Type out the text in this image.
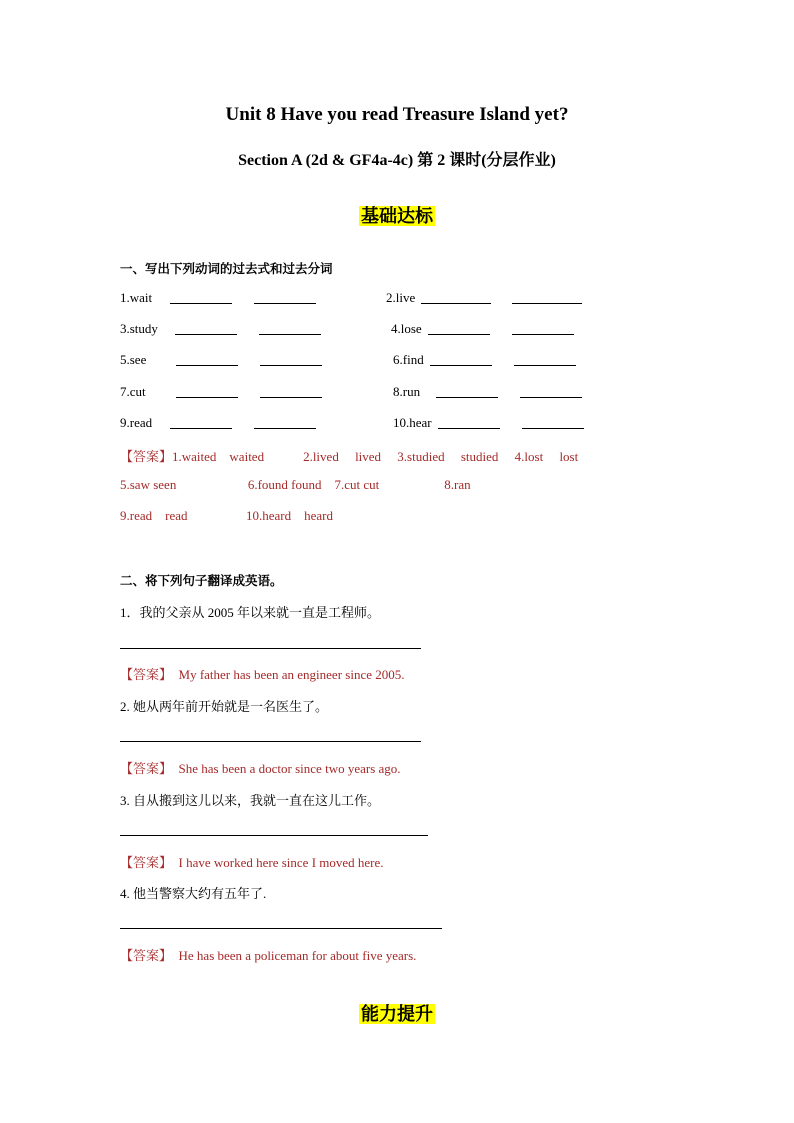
Unit 8 Have you read Treasure Island yet?
Section A (2d & GF4a-4c) 第 2 课时(分层作业)
基础达标
一、写出下列动词的过去式和过去分词
1.wait	2.live
3.study	4.lose
5.see	6.find
7.cut	8.run
9.read	10.hear
【答案】1.waited    waited            2.lived     lived     3.studied     studied     4.lost     lost
5.saw seen                      6.found found    7.cut cut                    8.ran
9.read    read                  10.heard    heard
二、将下列句子翻译成英语。
1．我的父亲从 2005 年以来就一直是工程师。
【答案】 My father has been an engineer since 2005.
2. 她从两年前开始就是一名医生了。
【答案】 She has been a doctor since two years ago.
3. 自从搬到这儿以来，我就一直在这儿工作。
【答案】 I have worked here since I moved here.
4. 他当警察大约有五年了.
【答案】 He has been a policeman for about five years.
能力提升
